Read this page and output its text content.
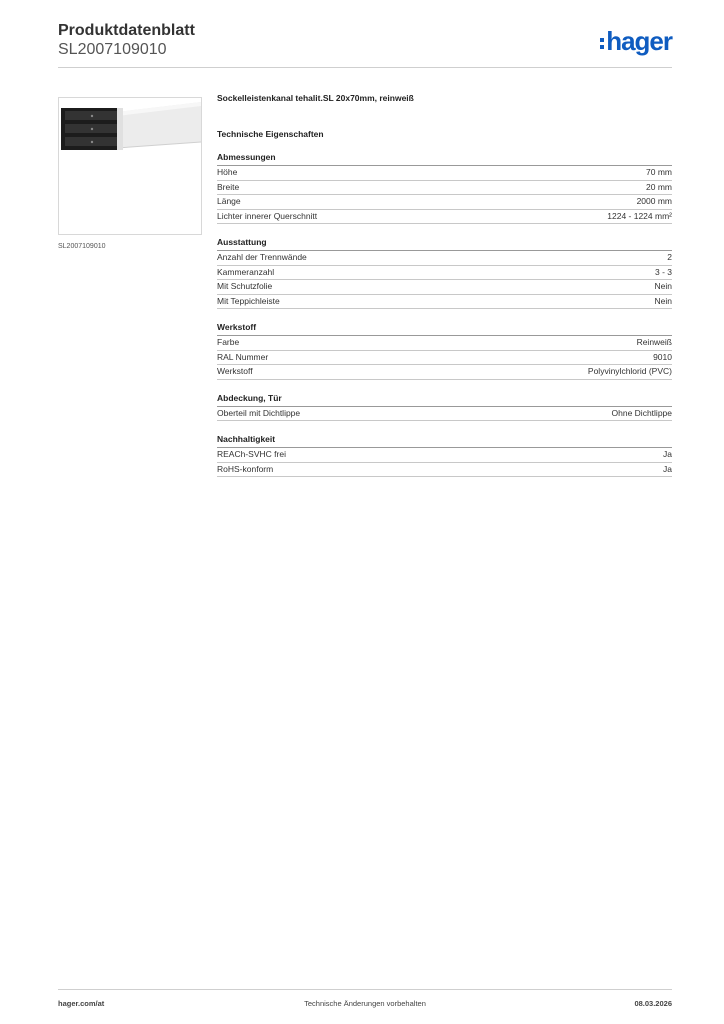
Produktdatenblatt
SL2007109010	hager
SL2007109010
Sockelleistenkanal tehalit.SL 20x70mm, reinweiß
Technische Eigenschaften
Abmessungen
Höhe	70 mm
Breite	20 mm
Länge	2000 mm
Lichter innerer Querschnitt	1224 - 1224 mm²
Ausstattung
Anzahl der Trennwände	2
Kammeranzahl	3 - 3
Mit Schutzfolie	Nein
Mit Teppichleiste	Nein
Werkstoff
Farbe	Reinweiß
RAL Nummer	9010
Werkstoff	Polyvinylchlorid (PVC)
Abdeckung, Tür
Oberteil mit Dichtlippe	Ohne Dichtlippe
Nachhaltigkeit
REACh-SVHC frei	Ja
RoHS-konform	Ja
hager.com/at	Technische Änderungen vorbehalten	08.03.2026
